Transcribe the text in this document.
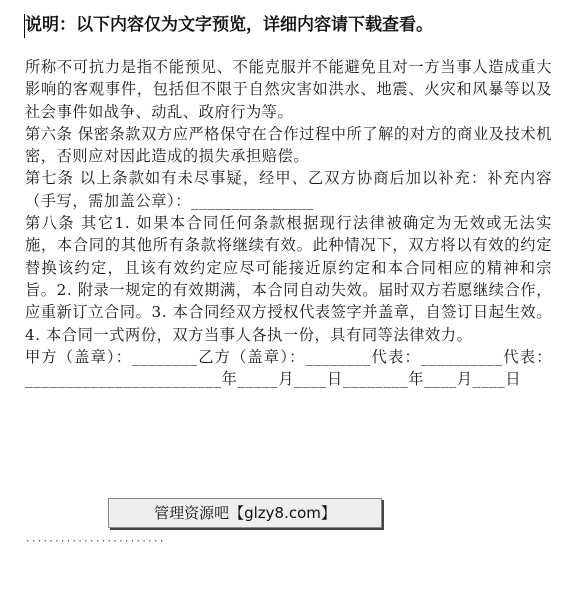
说明：以下内容仅为文字预览，详细内容请下载查看。

所称不可抗力是指不能预见、不能克服并不能避免且对一方当事人造成重大影响的客观事件，包括但不限于自然灾害如洪水、地震、火灾和风暴等以及社会事件如战争、动乱、政府行为等。

第六条 保密条款双方应严格保守在合作过程中所了解的对方的商业及技术机密，否则应对因此造成的损失承担赔偿。

第七条 以上条款如有未尽事疑，经甲、乙双方协商后加以补充：补充内容（手写，需加盖公章）：_______________

第八条 其它1. 如果本合同任何条款根据现行法律被确定为无效或无法实施，本合同的其他所有条款将继续有效。此种情况下，双方将以有效的约定替换该约定，且该有效约定应尽可能接近原约定和本合同相应的精神和宗旨。2. 附录一规定的有效期满，本合同自动失效。届时双方若愿继续合作，应重新订立合同。3. 本合同经双方授权代表签字并盖章，自签订日起生效。4. 本合同一式两份，双方当事人各执一份，具有同等法律效力。

甲方（盖章）：________乙方（盖章）：________代表：__________代表：________________________年_____月____日________年____月____日

管理资源吧【glzy8.com】
························
